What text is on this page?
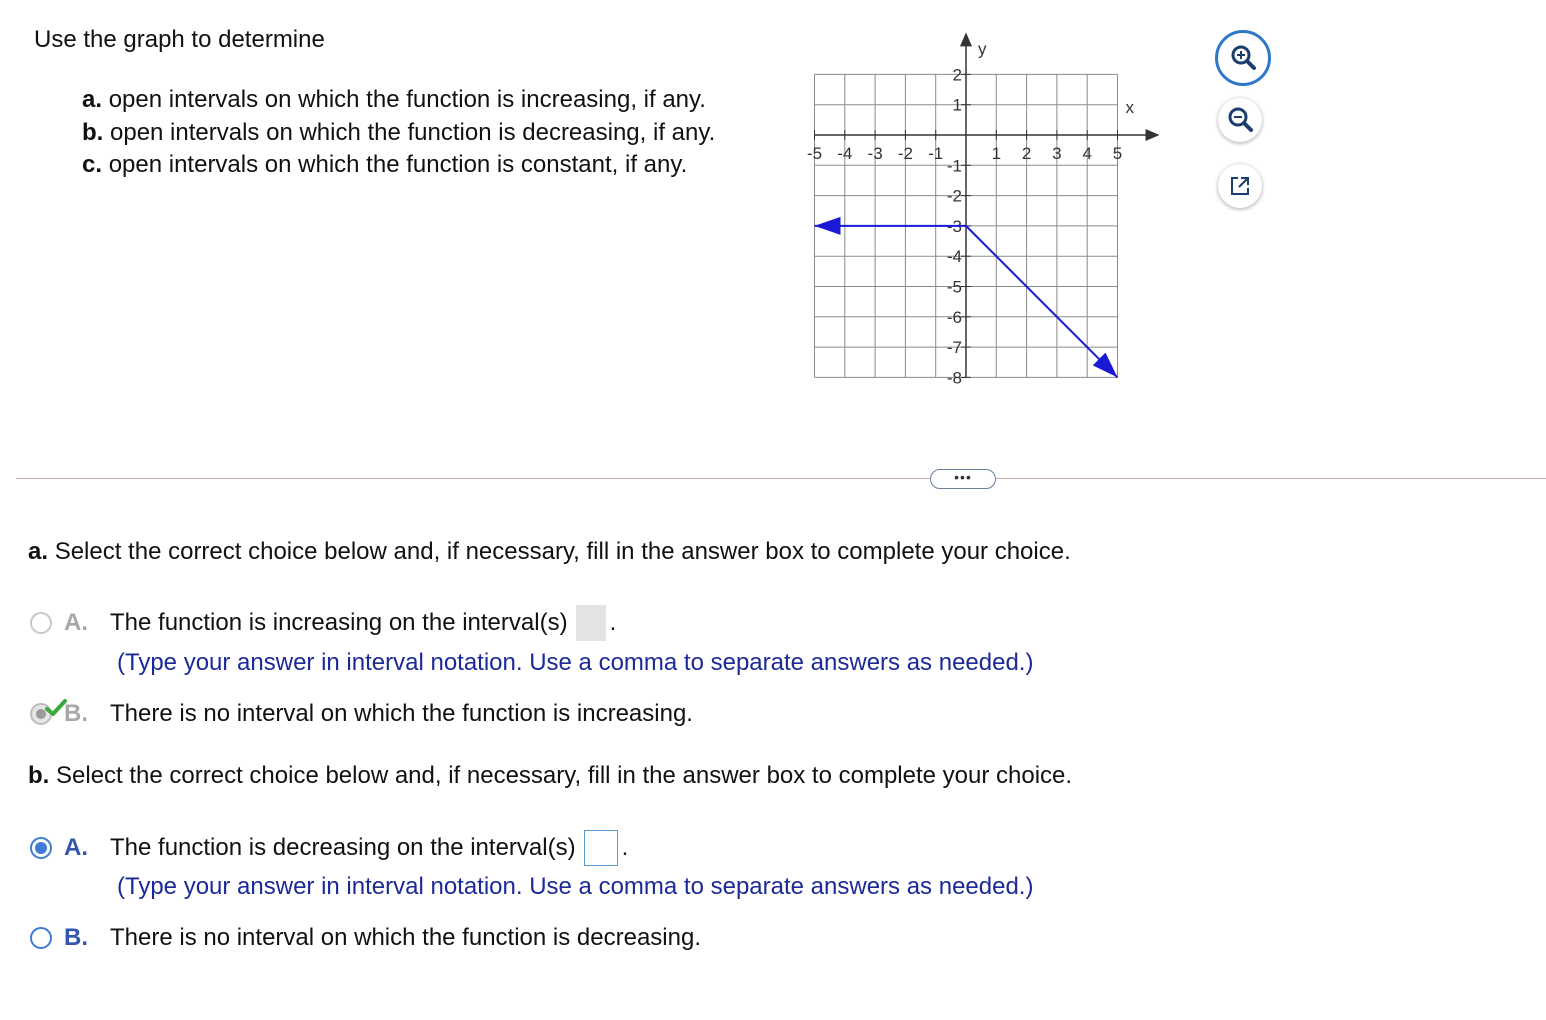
Use the graph to determine
a. open intervals on which the function is increasing, if any.
b. open intervals on which the function is decreasing, if any.
c. open intervals on which the function is constant, if any.
x
y
-5 -4 -3 -2 -1	1 2 3 4 5
2
1
-1
-2
-3
-4
-5
-6
-7
-8
•••
a. Select the correct choice below and, if necessary, fill in the answer box to complete your choice.
A. The function is increasing on the interval(s) .
(Type your answer in interval notation. Use a comma to separate answers as needed.)
B. There is no interval on which the function is increasing.
b. Select the correct choice below and, if necessary, fill in the answer box to complete your choice.
A. The function is decreasing on the interval(s) .
(Type your answer in interval notation. Use a comma to separate answers as needed.)
B. There is no interval on which the function is decreasing.
